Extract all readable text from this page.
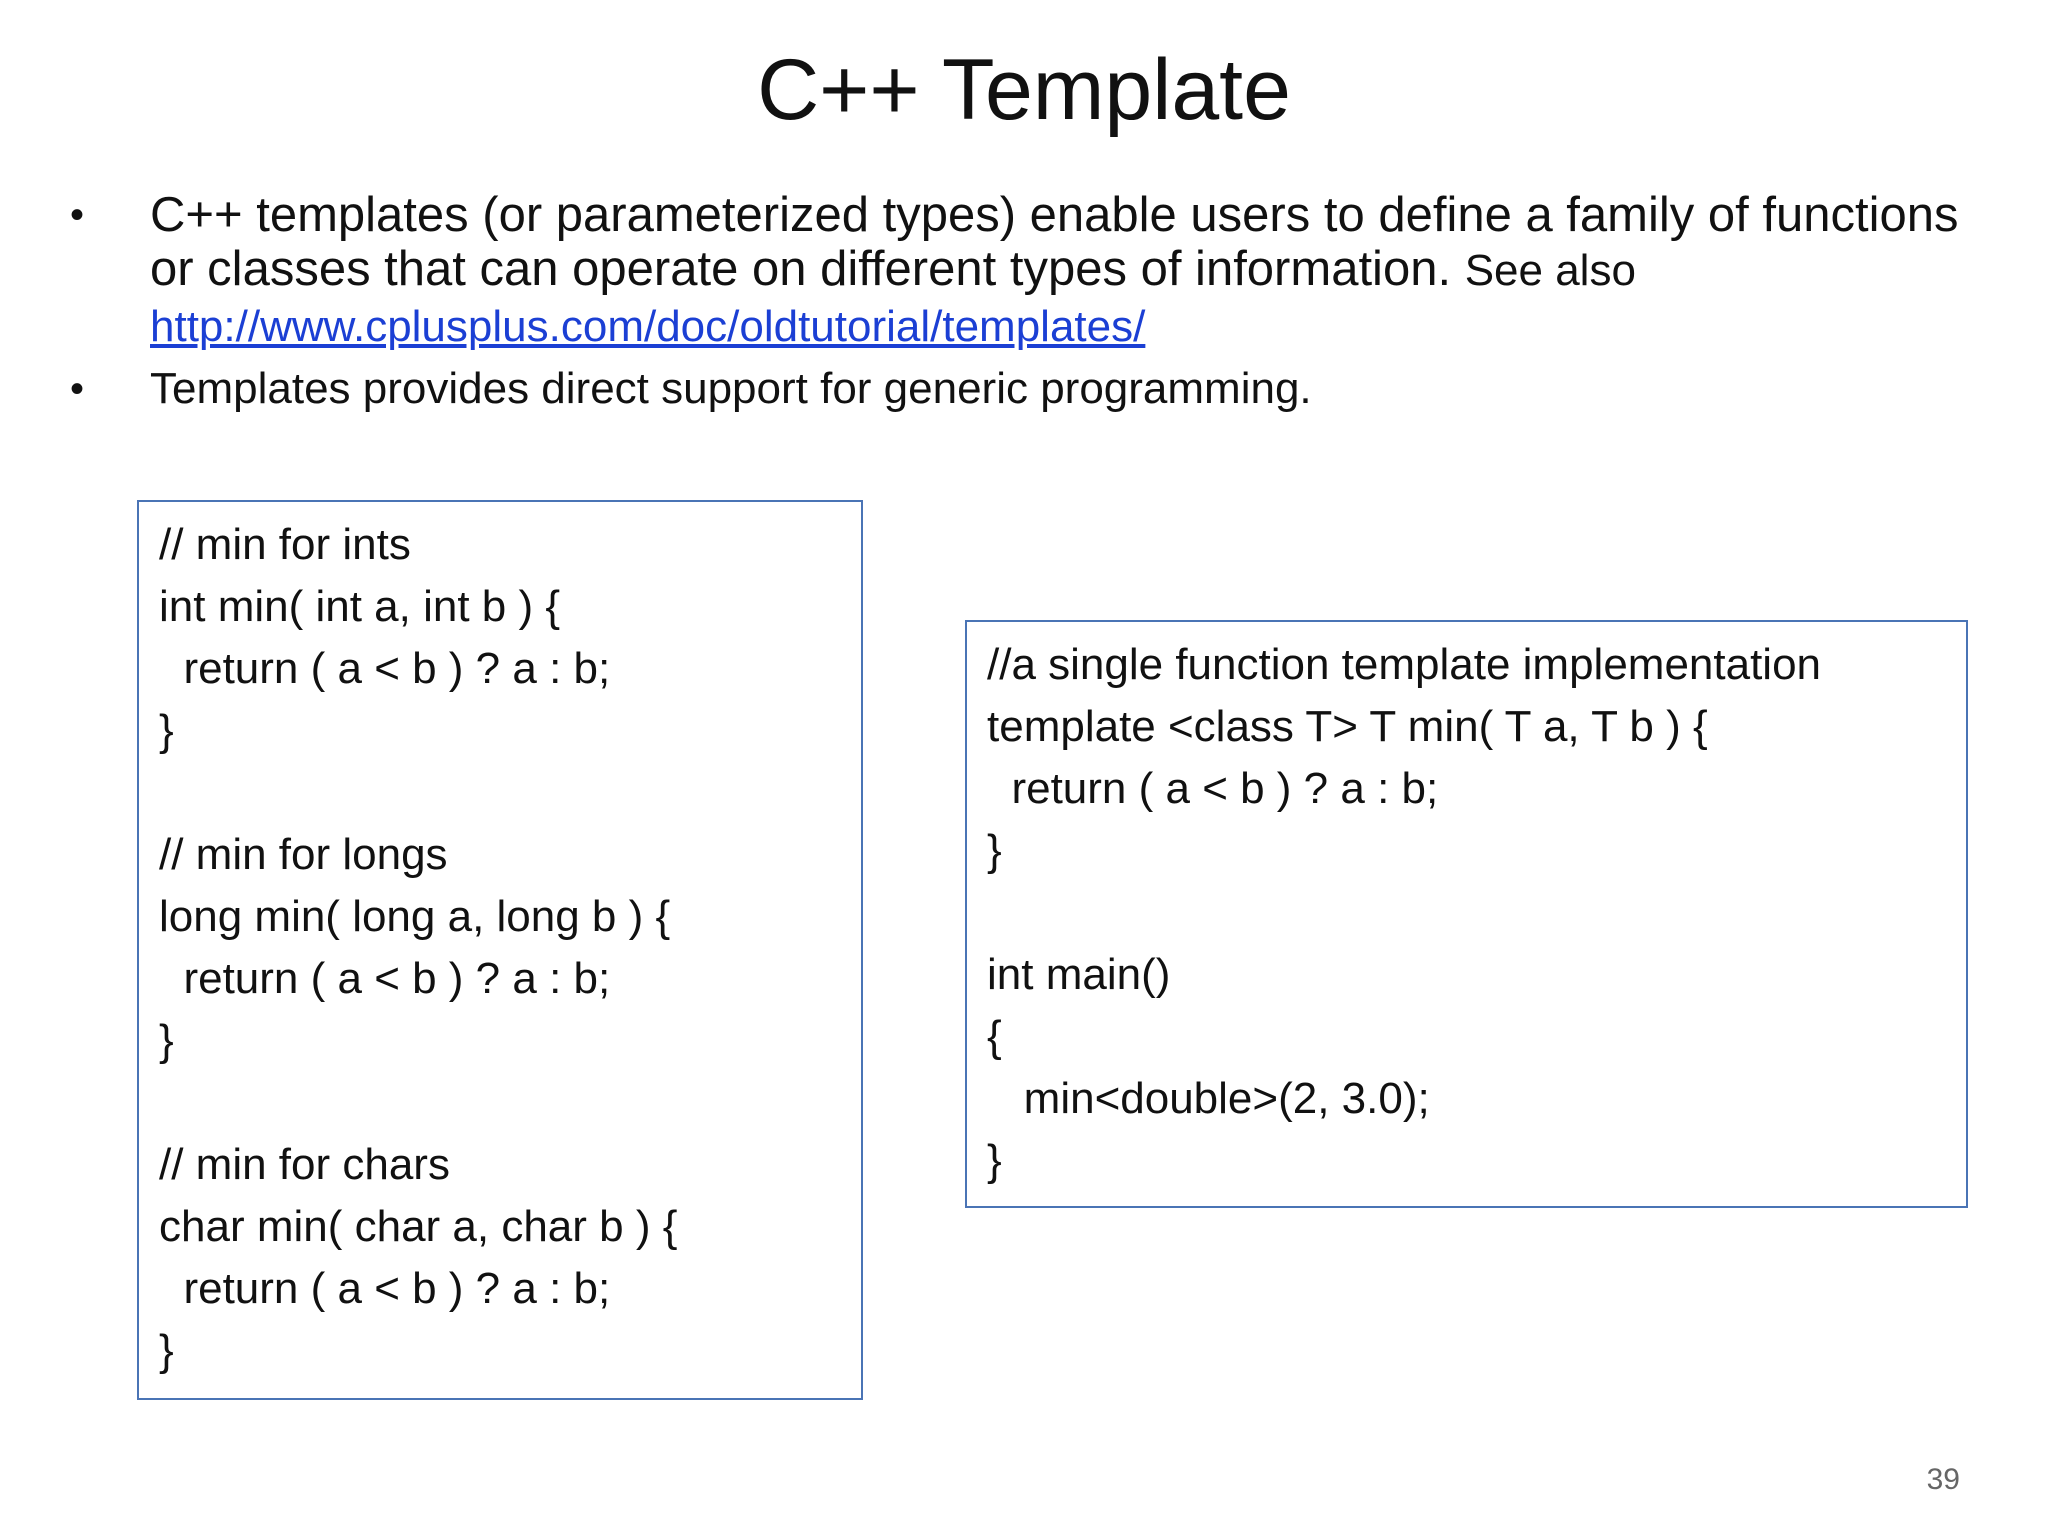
C++ Template
•	C++ templates (or parameterized types) enable users to define a family of functions or classes that can operate on different types of information. See also
http://www.cplusplus.com/doc/oldtutorial/templates/
•	Templates provides direct support for generic programming.
// min for ints
int min( int a, int b ) {
return ( a < b ) ? a : b;
}
// min for longs
long min( long a, long b ) {
return ( a < b ) ? a : b;
}
// min for chars
char min( char a, char b ) {
return ( a < b ) ? a : b;
}
//a single function template implementation
template <class T> T min( T a, T b ) {
return ( a < b ) ? a : b;
}
int main()
{
min<double>(2, 3.0);
}
39
